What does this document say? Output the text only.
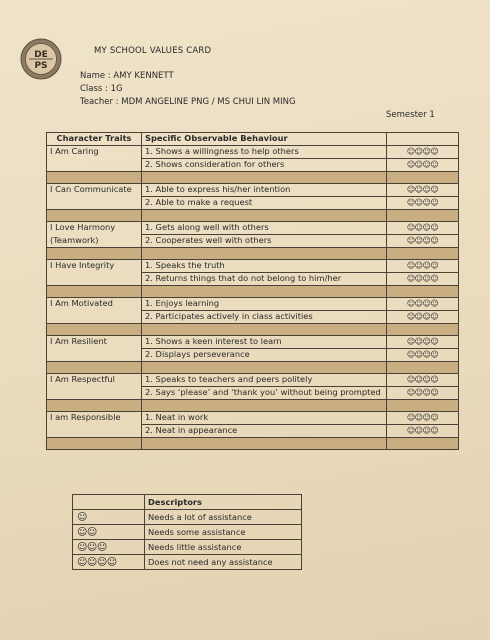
DE
PS
MY SCHOOL VALUES CARD
Name : AMY KENNETT
Class : 1G
Teacher : MDM ANGELINE PNG / MS CHUI LIN MING
Semester 1
Character Traits	Specific Observable Behaviour	
I Am Caring	1. Shows a willingness to help others	☺☺☺☺
	2. Shows consideration for others	☺☺☺☺

I Can Communicate	1. Able to express his/her intention	☺☺☺☺
	2. Able to make a request	☺☺☺☺

I Love Harmony	1. Gets along well with others	☺☺☺☺
(Teamwork)	2. Cooperates well with others	☺☺☺☺

I Have Integrity	1. Speaks the truth	☺☺☺☺
	2. Returns things that do not belong to him/her	☺☺☺☺

I Am Motivated	1. Enjoys learning	☺☺☺☺
	2. Participates actively in class activities	☺☺☺☺

I Am Resilient	1. Shows a keen interest to learn	☺☺☺☺
	2. Displays perseverance	☺☺☺☺

I Am Respectful	1. Speaks to teachers and peers politely	☺☺☺☺
	2. Says ‘please’ and ‘thank you’ without being prompted	☺☺☺☺

I am Responsible	1. Neat in work	☺☺☺☺
	2. Neat in appearance	☺☺☺☺

	Descriptors
☺	Needs a lot of assistance
☺☺	Needs some assistance
☺☺☺	Needs little assistance
☺☺☺☺	Does not need any assistance
